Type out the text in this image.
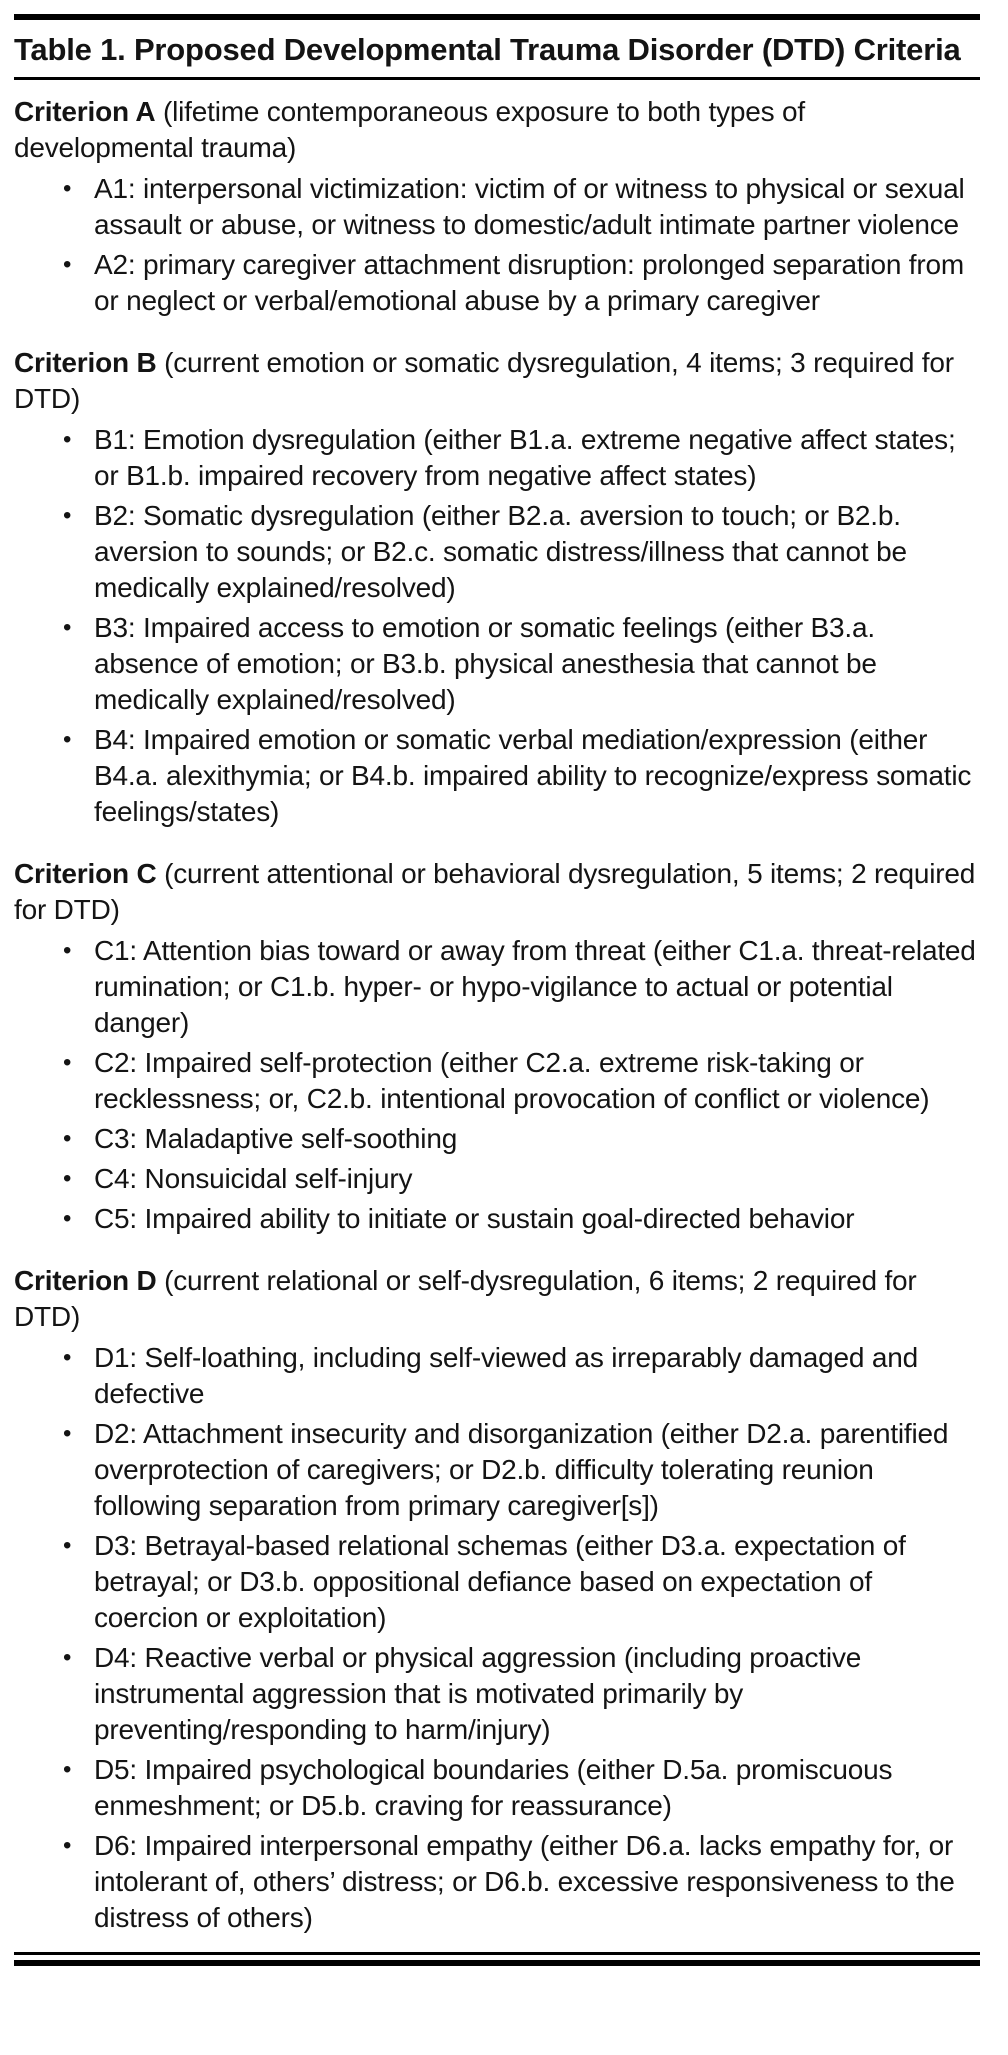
Table 1. Proposed Developmental Trauma Disorder (DTD) Criteria

Criterion A (lifetime contemporaneous exposure to both types of developmental trauma)

• A1: interpersonal victimization: victim of or witness to physical or sexual assault or abuse, or witness to domestic/adult intimate partner violence
• A2: primary caregiver attachment disruption: prolonged separation from or neglect or verbal/emotional abuse by a primary caregiver

Criterion B (current emotion or somatic dysregulation, 4 items; 3 required for DTD)

• B1: Emotion dysregulation (either B1.a. extreme negative affect states; or B1.b. impaired recovery from negative affect states)
• B2: Somatic dysregulation (either B2.a. aversion to touch; or B2.b. aversion to sounds; or B2.c. somatic distress/illness that cannot be medically explained/resolved)
• B3: Impaired access to emotion or somatic feelings (either B3.a. absence of emotion; or B3.b. physical anesthesia that cannot be medically explained/resolved)
• B4: Impaired emotion or somatic verbal mediation/expression (either B4.a. alexithymia; or B4.b. impaired ability to recognize/express somatic feelings/states)

Criterion C (current attentional or behavioral dysregulation, 5 items; 2 required for DTD)

• C1: Attention bias toward or away from threat (either C1.a. threat-related rumination; or C1.b. hyper- or hypo-vigilance to actual or potential danger)
• C2: Impaired self-protection (either C2.a. extreme risk-taking or recklessness; or, C2.b. intentional provocation of conflict or violence)
• C3: Maladaptive self-soothing
• C4: Nonsuicidal self-injury
• C5: Impaired ability to initiate or sustain goal-directed behavior

Criterion D (current relational or self-dysregulation, 6 items; 2 required for DTD)

• D1: Self-loathing, including self-viewed as irreparably damaged and defective
• D2: Attachment insecurity and disorganization (either D2.a. parentified overprotection of caregivers; or D2.b. difficulty tolerating reunion following separation from primary caregiver[s])
• D3: Betrayal-based relational schemas (either D3.a. expectation of betrayal; or D3.b. oppositional defiance based on expectation of coercion or exploitation)
• D4: Reactive verbal or physical aggression (including proactive instrumental aggression that is motivated primarily by preventing/responding to harm/injury)
• D5: Impaired psychological boundaries (either D.5a. promiscuous enmeshment; or D5.b. craving for reassurance)
• D6: Impaired interpersonal empathy (either D6.a. lacks empathy for, or intolerant of, others’ distress; or D6.b. excessive responsiveness to the distress of others)
